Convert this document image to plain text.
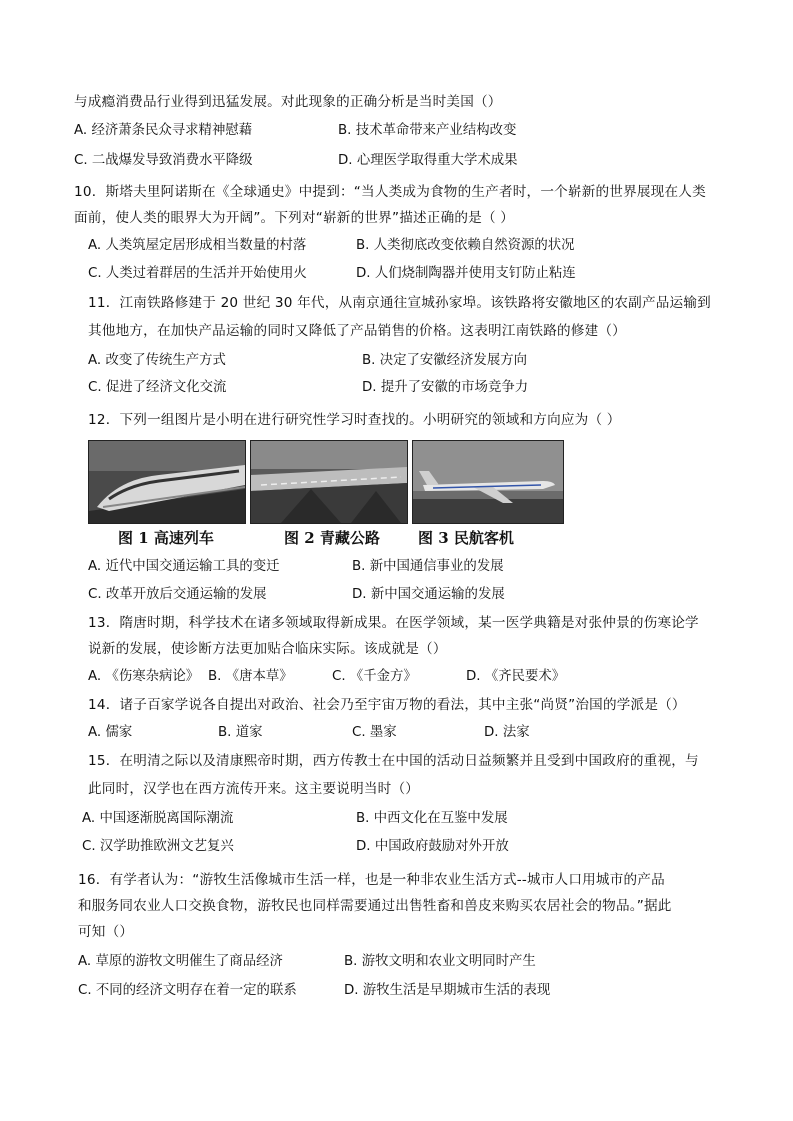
与成瘾消费品行业得到迅猛发展。对此现象的正确分析是当时美国（）
A. 经济萧条民众寻求精神慰藉	B. 技术革命带来产业结构改变
C. 二战爆发导致消费水平降级	D. 心理医学取得重大学术成果
10．斯塔夫里阿诺斯在《全球通史》中提到：“当人类成为食物的生产者时，一个崭新的世界展现在人类
面前，使人类的眼界大为开阔”。下列对“崭新的世界”描述正确的是（ ）
A. 人类筑屋定居形成相当数量的村落	B. 人类彻底改变依赖自然资源的状况
C. 人类过着群居的生活并开始使用火	D. 人们烧制陶器并使用支钉防止粘连
11．江南铁路修建于 20 世纪 30 年代，从南京通往宣城孙家埠。该铁路将安徽地区的农副产品运输到
其他地方，在加快产品运输的同时又降低了产品销售的价格。这表明江南铁路的修建（）
A. 改变了传统生产方式	B. 决定了安徽经济发展方向
C. 促进了经济文化交流	D. 提升了安徽的市场竞争力
12．下列一组图片是小明在进行研究性学习时查找的。小明研究的领域和方向应为（ ）
图 1 高速列车	图 2 青藏公路	图 3 民航客机
A. 近代中国交通运输工具的变迁	B. 新中国通信事业的发展
C. 改革开放后交通运输的发展	D. 新中国交通运输的发展
13．隋唐时期，科学技术在诸多领域取得新成果。在医学领域，某一医学典籍是对张仲景的伤寒论学
说新的发展，使诊断方法更加贴合临床实际。该成就是（）
A. 《伤寒杂病论》 B. 《唐本草》	C. 《千金方》	D. 《齐民要术》
14．诸子百家学说各自提出对政治、社会乃至宇宙万物的看法，其中主张“尚贤”治国的学派是（）
A. 儒家	B. 道家	C. 墨家	D. 法家
15．在明清之际以及清康熙帝时期，西方传教士在中国的活动日益频繁并且受到中国政府的重视，与
此同时，汉学也在西方流传开来。这主要说明当时（）
A. 中国逐渐脱离国际潮流	B. 中西文化在互鉴中发展
C. 汉学助推欧洲文艺复兴	D. 中国政府鼓励对外开放
16．有学者认为：“游牧生活像城市生活一样，也是一种非农业生活方式--城市人口用城市的产品
和服务同农业人口交换食物，游牧民也同样需要通过出售牲畜和兽皮来购买农居社会的物品。”据此
可知（）
A. 草原的游牧文明催生了商品经济	B. 游牧文明和农业文明同时产生
C. 不同的经济文明存在着一定的联系	D. 游牧生活是早期城市生活的表现
